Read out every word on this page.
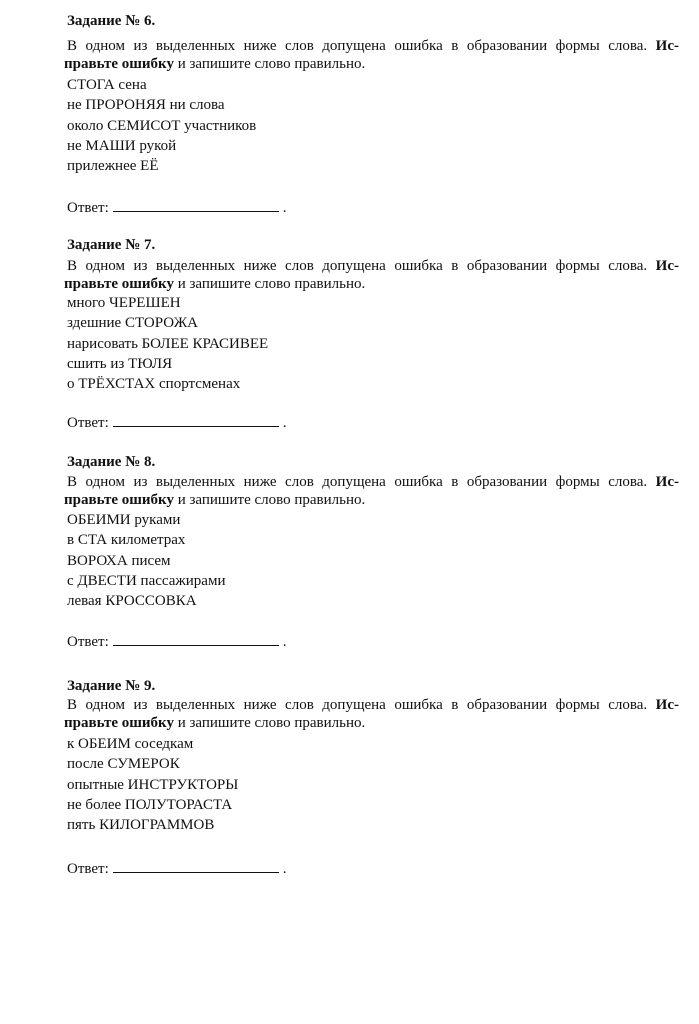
Задание № 6.
В одном из выделенных ниже слов допущена ошибка в образовании формы слова. Ис-
правьте ошибку и запишите слово правильно.
СТОГА сена
не ПРОРОНЯЯ ни слова
около СЕМИСОТ участников
не МАШИ рукой
прилежнее ЕЁ
Ответ:	.
Задание № 7.
В одном из выделенных ниже слов допущена ошибка в образовании формы слова. Ис-
правьте ошибку и запишите слово правильно.
много ЧЕРЕШЕН
здешние СТОРОЖА
нарисовать БОЛЕЕ КРАСИВЕЕ
сшить из ТЮЛЯ
о ТРЁХСТАХ спортсменах
Ответ:	.
Задание № 8.
В одном из выделенных ниже слов допущена ошибка в образовании формы слова. Ис-
правьте ошибку и запишите слово правильно.
ОБЕИМИ руками
в СТА километрах
ВОРОХА писем
с ДВЕСТИ пассажирами
левая КРОССОВКА
Ответ:	.
Задание № 9.
В одном из выделенных ниже слов допущена ошибка в образовании формы слова. Ис-
правьте ошибку и запишите слово правильно.
к ОБЕИМ соседкам
после СУМЕРОК
опытные ИНСТРУКТОРЫ
не более ПОЛУТОРАСТА
пять КИЛОГРАММОВ
Ответ:	.
